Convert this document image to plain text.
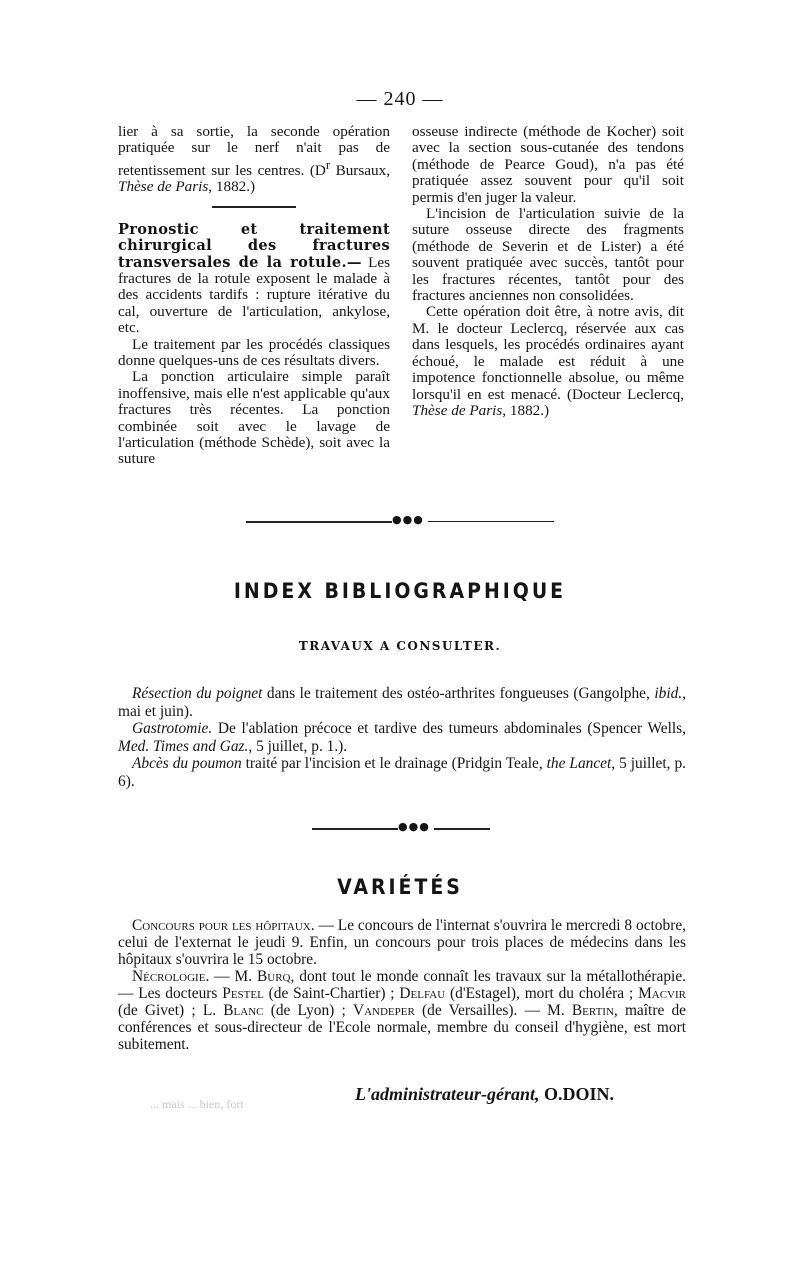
— 240 —

lier à sa sortie, la seconde opération pratiquée sur le nerf n'ait pas de retentissement sur les centres. ($D^r$ Bursaux, Thèse de Paris, 1882.)

Pronostic et traitement chirurgical des fractures transversales de la rotule.— Les fractures de la rotule exposent le malade à des accidents tardifs : rupture itérative du cal, ouverture de l'articulation, ankylose, etc.

Le traitement par les procédés classiques donne quelques-uns de ces résultats divers.

La ponction articulaire simple paraît inoffensive, mais elle n'est applicable qu'aux fractures très récentes. La ponction combinée soit avec le lavage de l'articulation (méthode Schède), soit avec la suture

osseuse indirecte (méthode de Kocher) soit avec la section sous-cutanée des tendons (méthode de Pearce Goud), n'a pas été pratiquée assez souvent pour qu'il soit permis d'en juger la valeur.

L'incision de l'articulation suivie de la suture osseuse directe des fragments (méthode de Severin et de Lister) a été souvent pratiquée avec succès, tantôt pour les fractures récentes, tantôt pour des fractures anciennes non consolidées.

Cette opération doit être, à notre avis, dit M. le docteur Leclercq, réservée aux cas dans lesquels, les procédés ordinaires ayant échoué, le malade est réduit à une impotence fonctionnelle absolue, ou même lorsqu'il en est menacé. (Docteur Leclercq, Thèse de Paris, 1882.)

●●●
INDEX BIBLIOGRAPHIQUE
TRAVAUX A CONSULTER.

Résection du poignet dans le traitement des ostéo-arthrites fongueuses (Gangolphe, ibid., mai et juin).

Gastrotomie. De l'ablation précoce et tardive des tumeurs abdominales (Spencer Wells, Med. Times and Gaz., 5 juillet, p. 1.).

Abcès du poumon traité par l'incision et le drainage (Pridgin Teale, the Lancet, 5 juillet, p. 6).

●●●
VARIÉTÉS

Concours pour les hôpitaux. — Le concours de l'internat s'ouvrira le mercredi 8 octobre, celui de l'externat le jeudi 9. Enfin, un concours pour trois places de médecins dans les hôpitaux s'ouvrira le 15 octobre.

Nécrologie. — M. Burq, dont tout le monde connaît les travaux sur la métallothérapie. — Les docteurs Pestel (de Saint-Chartier) ; Delfau (d'Estagel), mort du choléra ; Macvir (de Givet) ; L. Blanc (de Lyon) ; Vandeper (de Versailles). — M. Bertin, maître de conférences et sous-directeur de l'Ecole normale, membre du conseil d'hygiène, est mort subitement.

... mais ... bien, fort	L'administrateur-gérant, O.DOIN.
